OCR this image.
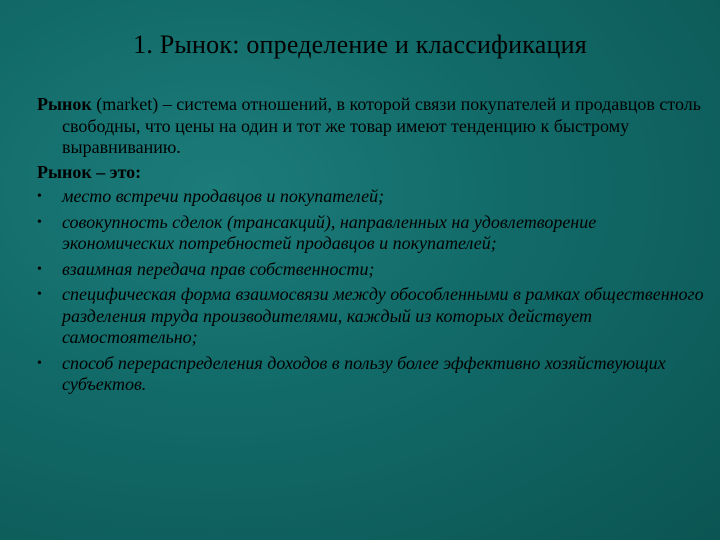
1. Рынок: определение и классификация

Рынок (market) – система отношений, в которой связи покупателей и продавцов столь свободны, что цены на один и тот же товар имеют тенденцию к быстрому выравниванию.

Рынок – это:

• место встречи продавцов и покупателей;
• совокупность сделок (трансакций), направленных на удовлетворение экономических потребностей продавцов и покупателей;
• взаимная передача прав собственности;
• специфическая форма взаимосвязи между обособленными в рамках общественного разделения труда производителями, каждый из которых действует самостоятельно;
• способ перераспределения доходов в пользу более эффективно хозяйствующих субъектов.
